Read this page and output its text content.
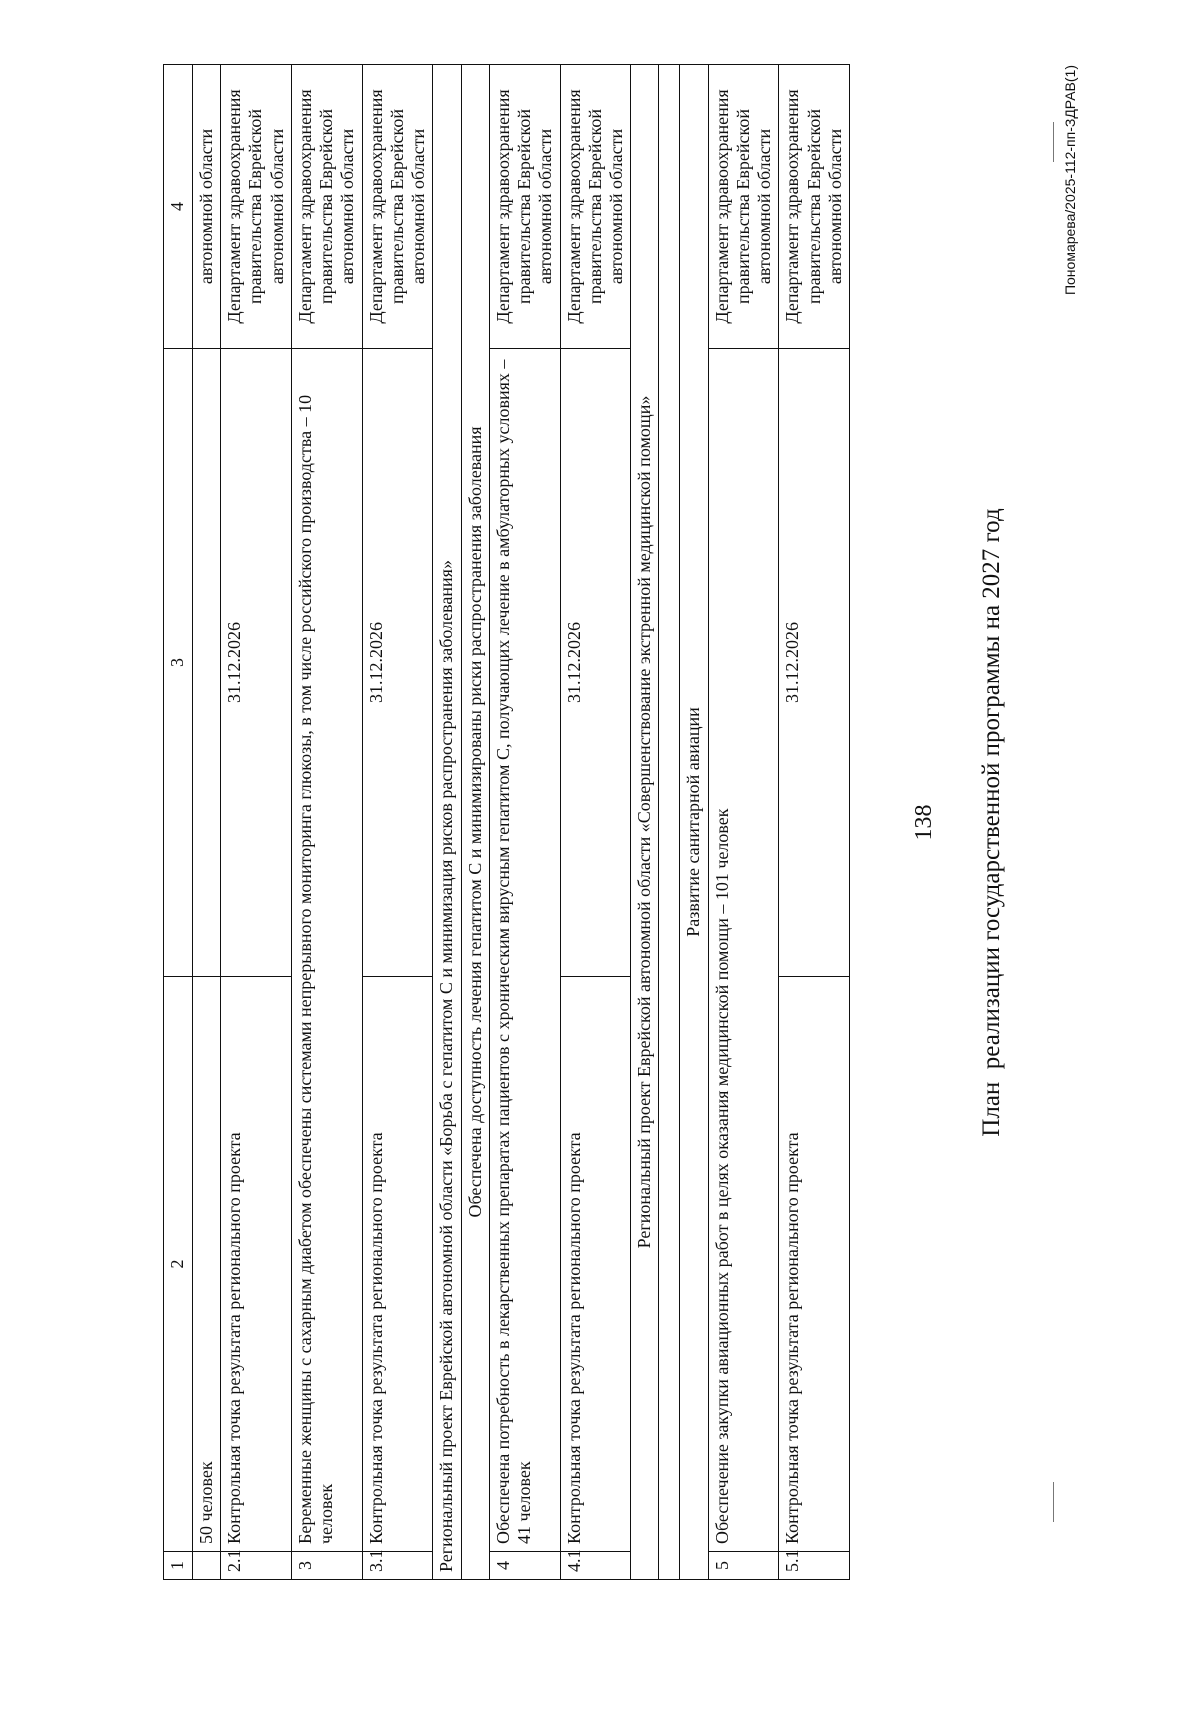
1	2	3	4
	50 человек		автономной области
2.1	Контрольная точка результата регионального проекта	31.12.2026	Департамент здравоохранения правительства Еврейской автономной области
3	Беременные женщины с сахарным диабетом обеспечены системами непрерывного мониторинга глюкозы, в том числе российского производства – 10 человек		Департамент здравоохранения правительства Еврейской автономной области
3.1	Контрольная точка результата регионального проекта	31.12.2026	Департамент здравоохранения правительства Еврейской автономной области
Региональный проект Еврейской автономной области «Борьба с гепатитом С и минимизация рисков распространения заболевания»			
Обеспечена доступность лечения гепатитом С и минимизированы риски распространения заболевания			
4	Обеспечена потребность в лекарственных препаратах пациентов с хроническим вирусным гепатитом С, получающих лечение в амбулаторных условиях – 41 человек		Департамент здравоохранения правительства Еврейской автономной области
4.1	Контрольная точка результата регионального проекта	31.12.2026	Департамент здравоохранения правительства Еврейской автономной области
Региональный проект Еврейской автономной области «Совершенствование экстренной медицинской помощи»			

Развитие санитарной авиации			
5	Обеспечение закупки авиационных работ в целях оказания медицинской помощи – 101 человек		Департамент здравоохранения правительства Еврейской автономной области
5.1	Контрольная точка результата регионального проекта	31.12.2026	Департамент здравоохранения правительства Еврейской автономной области
138 План  реализации государственной программы на 2027 год
Пономарева/2025-112-пп-ЗДРАВ(1)
